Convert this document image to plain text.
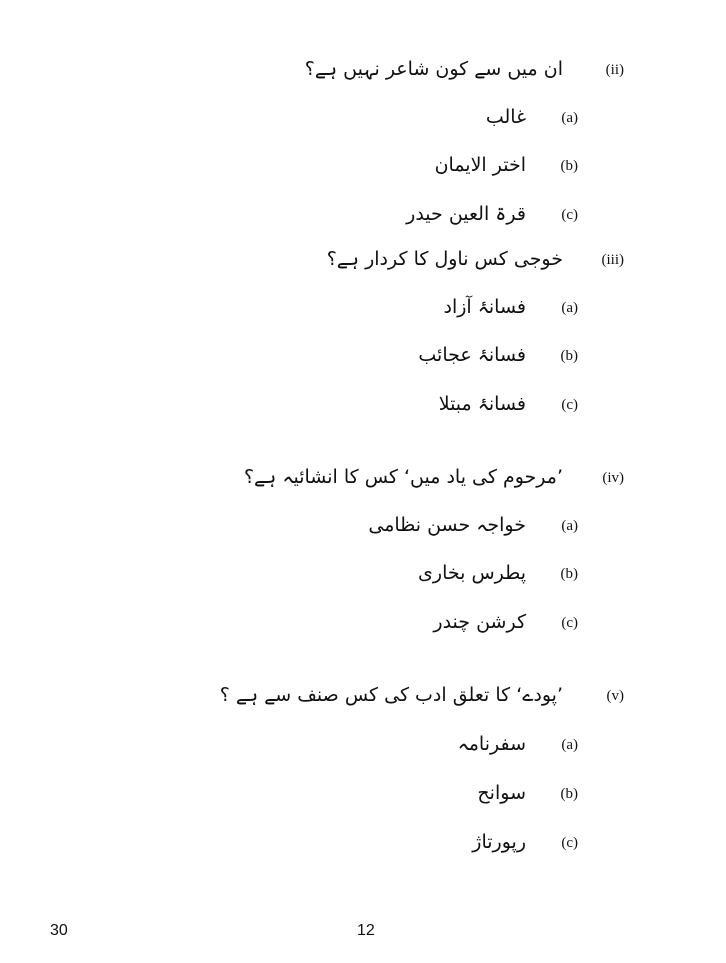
(ii)
ان میں سے کون شاعر نہیں ہے؟
(a)
غالب
(b)
اختر الایمان
(c)
قرۃ العین حیدر
(iii)
خوجی کس ناول کا کردار ہے؟
(a)
فسانۂ آزاد
(b)
فسانۂ عجائب
(c)
فسانۂ مبتلا
(iv)
’مرحوم کی یاد میں‘ کس کا انشائیہ ہے؟
(a)
خواجہ حسن نظامی
(b)
پطرس بخاری
(c)
کرشن چندر
(v)
’پودے‘ کا تعلق ادب کی کس صنف سے ہے ؟
(a)
سفرنامہ
(b)
سوانح
(c)
رپورتاژ
30	12
